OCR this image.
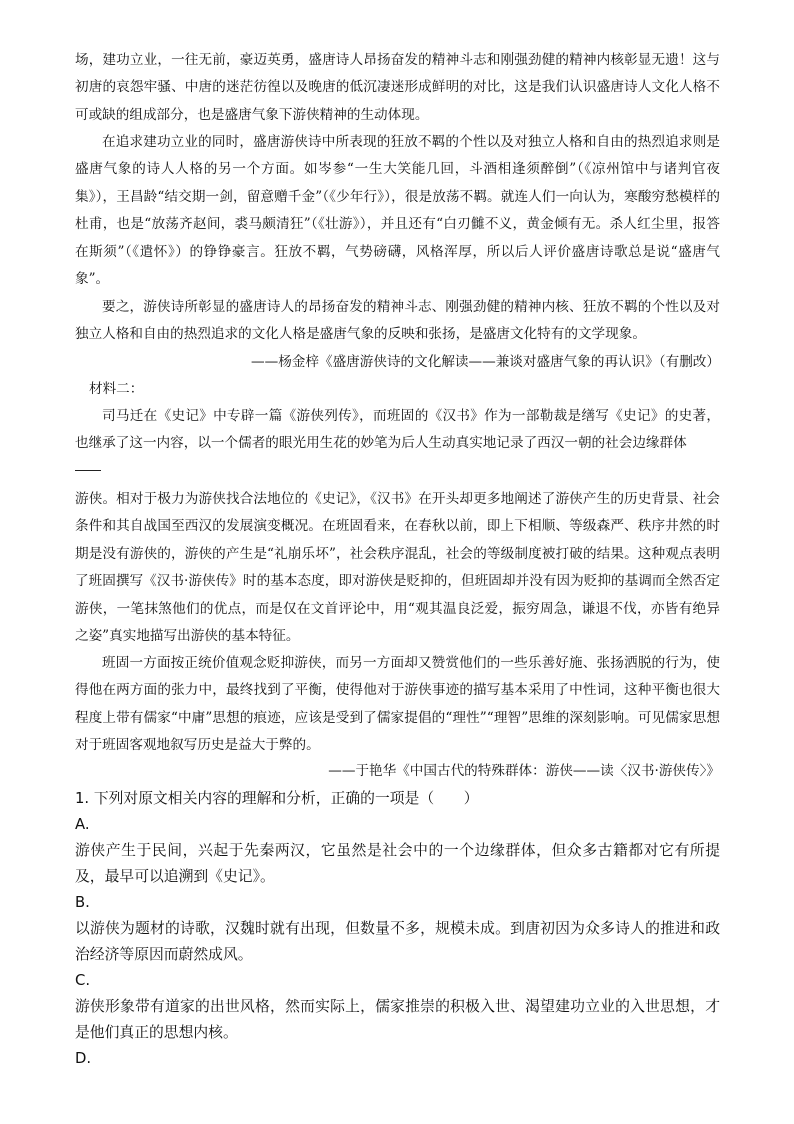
场，建功立业，一往无前，豪迈英勇，盛唐诗人昂扬奋发的精神斗志和刚强劲健的精神内核彰显无遗！这与初唐的哀怨牢骚、中唐的迷茫彷徨以及晚唐的低沉凄迷形成鲜明的对比，这是我们认识盛唐诗人文化人格不可或缺的组成部分，也是盛唐气象下游侠精神的生动体现。

在追求建功立业的同时，盛唐游侠诗中所表现的狂放不羁的个性以及对独立人格和自由的热烈追求则是盛唐气象的诗人人格的另一个方面。如岑参“一生大笑能几回，斗酒相逢须醉倒”（《凉州馆中与诸判官夜集》），王昌龄“结交期一剑，留意赠千金”（《少年行》），很是放荡不羁。就连人们一向认为，寒酸穷愁模样的杜甫，也是“放荡齐赵间，裘马颇清狂”（《壮游》），并且还有“白刃雠不义，黄金倾有无。杀人红尘里，报答在斯须”（《遣怀》）的铮铮豪言。狂放不羁，气势磅礴，风格浑厚，所以后人评价盛唐诗歌总是说“盛唐气象”。

要之，游侠诗所彰显的盛唐诗人的昂扬奋发的精神斗志、刚强劲健的精神内核、狂放不羁的个性以及对独立人格和自由的热烈追求的文化人格是盛唐气象的反映和张扬，是盛唐文化特有的文学现象。

——杨金梓《盛唐游侠诗的文化解读——兼谈对盛唐气象的再认识》（有删改）

材料二：

司马迁在《史记》中专辟一篇《游侠列传》，而班固的《汉书》作为一部勒裁是缮写《史记》的史著，也继承了这一内容，以一个儒者的眼光用生花的妙笔为后人生动真实地记录了西汉一朝的社会边缘群体

游侠。相对于极力为游侠找合法地位的《史记》，《汉书》在开头却更多地阐述了游侠产生的历史背景、社会条件和其自战国至西汉的发展演变概况。在班固看来，在春秋以前，即上下相顺、等级森严、秩序井然的时期是没有游侠的，游侠的产生是“礼崩乐坏”，社会秩序混乱，社会的等级制度被打破的结果。这种观点表明了班固撰写《汉书·游侠传》时的基本态度，即对游侠是贬抑的，但班固却并没有因为贬抑的基调而全然否定游侠，一笔抹煞他们的优点，而是仅在文首评论中，用“观其温良泛爱，振穷周急，谦退不伐，亦皆有绝异之姿”真实地描写出游侠的基本特征。

班固一方面按正统价值观念贬抑游侠，而另一方面却又赞赏他们的一些乐善好施、张扬洒脱的行为，使得他在两方面的张力中，最终找到了平衡，使得他对于游侠事迹的描写基本采用了中性词，这种平衡也很大程度上带有儒家“中庸”思想的痕迹，应该是受到了儒家提倡的“理性”“理智”思维的深刻影响。可见儒家思想对于班固客观地叙写历史是益大于弊的。

——于艳华《中国古代的特殊群体：游侠——读〈汉书·游侠传〉》

1. 下列对原文相关内容的理解和分析，正确的一项是（　　）

A.

游侠产生于民间，兴起于先秦两汉，它虽然是社会中的一个边缘群体，但众多古籍都对它有所提及，最早可以追溯到《史记》。

B.

以游侠为题材的诗歌，汉魏时就有出现，但数量不多，规模未成。到唐初因为众多诗人的推进和政治经济等原因而蔚然成风。

C.

游侠形象带有道家的出世风格，然而实际上，儒家推崇的积极入世、渴望建功立业的入世思想，才是他们真正的思想内核。

D.
